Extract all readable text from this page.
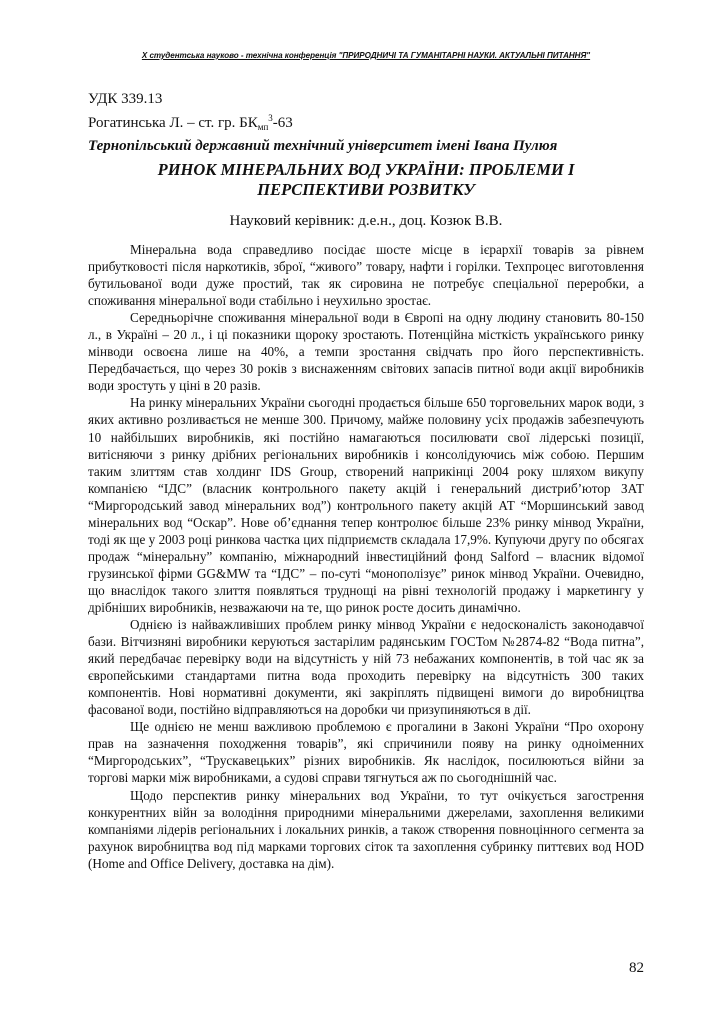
Х студентська науково - технічна конференція "ПРИРОДНИЧІ ТА ГУМАНІТАРНІ НАУКИ. АКТУАЛЬНІ ПИТАННЯ"
УДК 339.13
Рогатинська Л. – ст. гр. $БК_{мп}^3-63$
Тернопільський державний технічний університет імені Івана Пулюя
РИНОК МІНЕРАЛЬНИХ ВОД УКРАЇНИ: ПРОБЛЕМИ І
ПЕРСПЕКТИВИ РОЗВИТКУ
Науковий керівник: д.е.н., доц. Козюк В.В.

Мінеральна вода справедливо посідає шосте місце в ієрархії товарів за рівнем прибутковості після наркотиків, зброї, “живого” товару, нафти і горілки. Техпроцес виготовлення бутильованої води дуже простий, так як сировина не потребує спеціальної переробки, а споживання мінеральної води стабільно і неухильно зростає.

Середньорічне споживання мінеральної води в Європі на одну людину становить 80-150 л., в Україні – 20 л., і ці показники щороку зростають. Потенційна місткість українського ринку мінводи освоєна лише на 40%, а темпи зростання свідчать про його перспективність. Передбачається, що через 30 років з виснаженням світових запасів питної води акції виробників води зростуть у ціні в 20 разів.

На ринку мінеральних України сьогодні продається більше 650 торговельних марок води, з яких активно розливається не менше 300. Причому, майже половину усіх продажів забезпечують 10 найбільших виробників, які постійно намагаються посилювати свої лідерські позиції, витісняючи з ринку дрібних регіональних виробників і консолідуючись між собою. Першим таким злиттям став холдинг IDS Group, створений наприкінці 2004 року шляхом викупу компанією “ІДС” (власник контрольного пакету акцій і генеральний дистриб’ютор ЗАТ “Миргородський завод мінеральних вод”) контрольного пакету акцій АТ “Моршинський завод мінеральних вод “Оскар”. Нове об’єднання тепер контролює більше 23% ринку мінвод України, тоді як ще у 2003 році ринкова частка цих підприємств складала 17,9%. Купуючи другу по обсягах продаж “мінеральну” компанію, міжнародний інвестиційний фонд Salford – власник відомої грузинської фірми GG&MW та “ІДС” – по-суті “монополізує” ринок мінвод України. Очевидно, що внаслідок такого злиття появляться труднощі на рівні технологій продажу і маркетингу у дрібніших виробників, незважаючи на те, що ринок росте досить динамічно.

Однією із найважливіших проблем ринку мінвод України є недосконалість законодавчої бази. Вітчизняні виробники керуються застарілим радянським ГОСТом №2874-82 “Вода питна”, який передбачає перевірку води на відсутність у ній 73 небажаних компонентів, в той час як за європейськими стандартами питна вода проходить перевірку на відсутність 300 таких компонентів. Нові нормативні документи, які закріплять підвищені вимоги до виробництва фасованої води, постійно відправляються на доробки чи призупиняються в дії.

Ще однією не менш важливою проблемою є прогалини в Законі України “Про охорону прав на зазначення походження товарів”, які спричинили появу на ринку одноіменних “Миргородських”, “Трускавецьких” різних виробників. Як наслідок, посилюються війни за торгові марки між виробниками, а судові справи тягнуться аж по сьогоднішній час.

Щодо перспектив ринку мінеральних вод України, то тут очікується загострення конкурентних війн за володіння природними мінеральними джерелами, захоплення великими компаніями лідерів регіональних і локальних ринків, а також створення повноцінного сегмента за рахунок виробництва вод під марками торгових сіток та захоплення субринку питтєвих вод HOD (Home and Office Delivery, доставка на дім).

82
